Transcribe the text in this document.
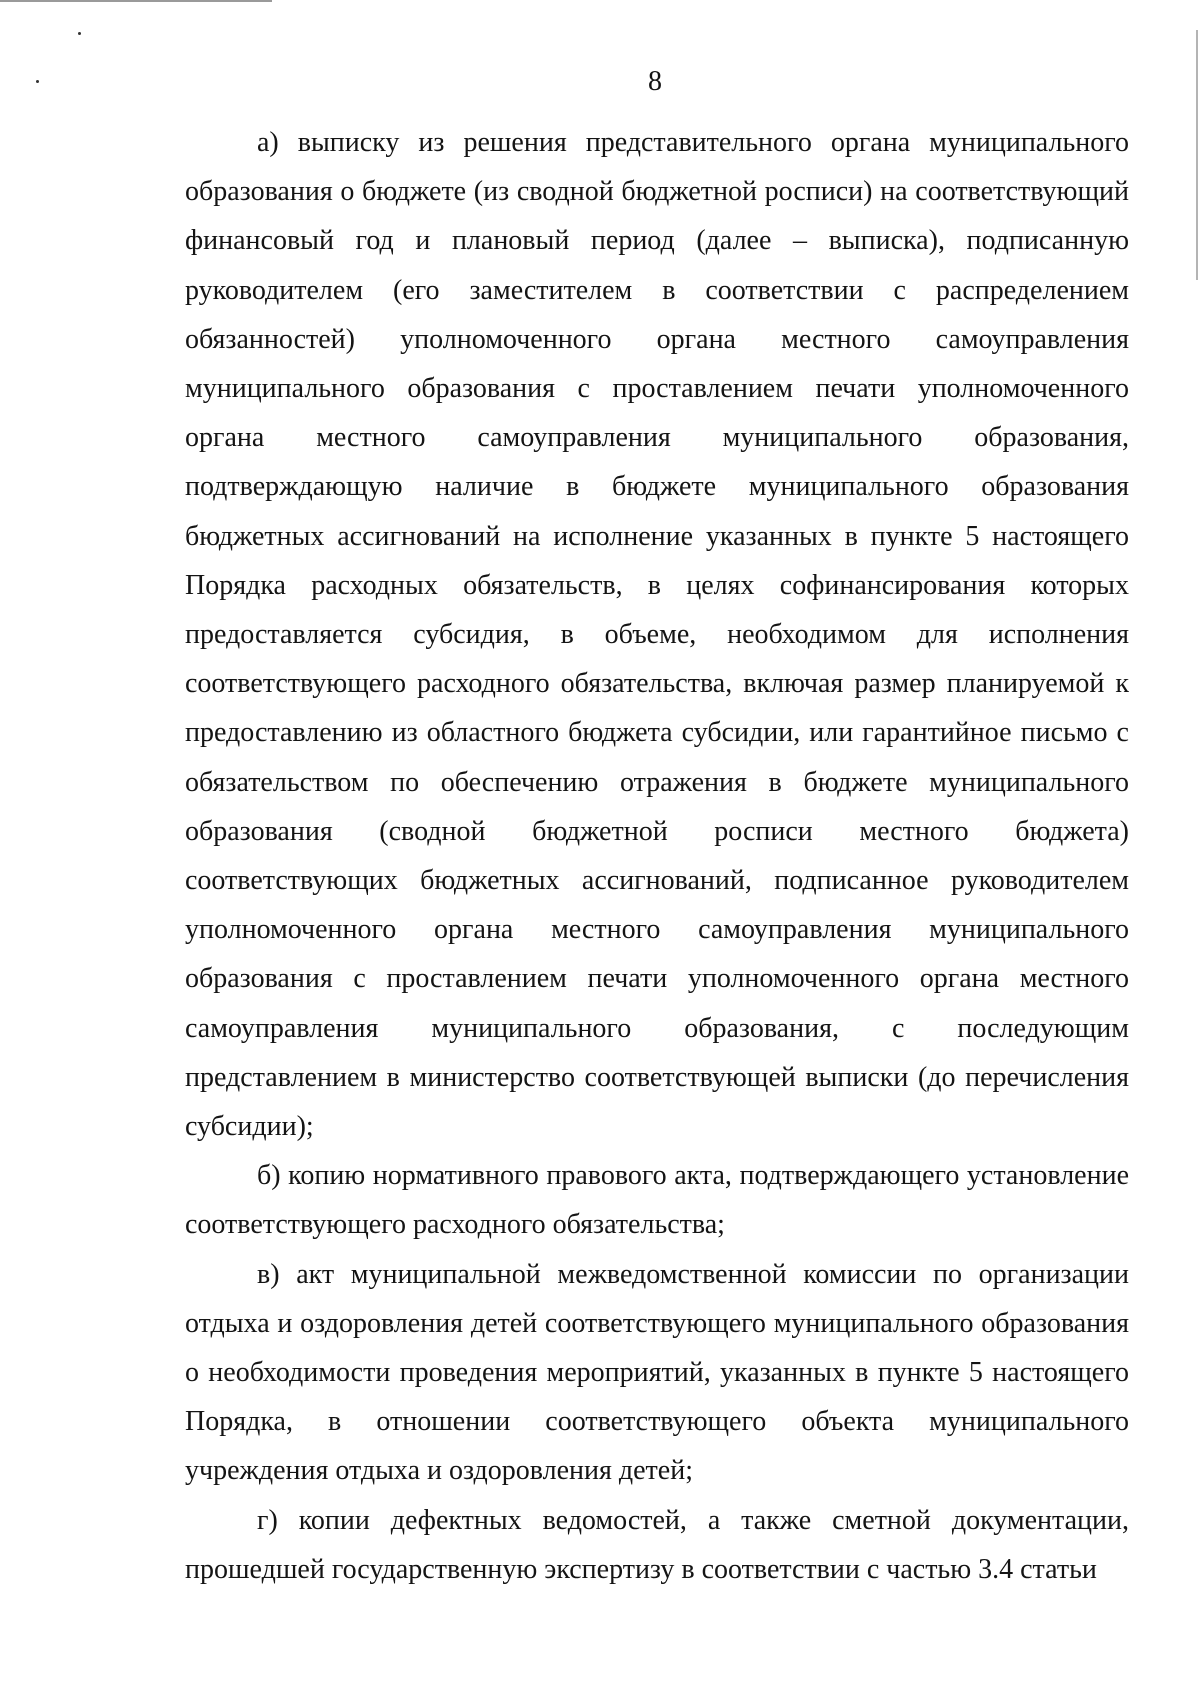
8

а) выписку из решения представительного органа муниципального образования о бюджете (из сводной бюджетной росписи) на соответствующий финансовый год и плановый период (далее – выписка), подписанную руководителем (его заместителем в соответствии с распределением обязанностей) уполномоченного органа местного самоуправления муниципального образования с проставлением печати уполномоченного органа местного самоуправления муниципального образования, подтверждающую наличие в бюджете муниципального образования бюджетных ассигнований на исполнение указанных в пункте 5 настоящего Порядка расходных обязательств, в целях софинансирования которых предоставляется субсидия, в объеме, необходимом для исполнения соответствующего расходного обязательства, включая размер планируемой к предоставлению из областного бюджета субсидии, или гарантийное письмо с обязательством по обеспечению отражения в бюджете муниципального образования (сводной бюджетной росписи местного бюджета) соответствующих бюджетных ассигнований, подписанное руководителем уполномоченного органа местного самоуправления муниципального образования с проставлением печати уполномоченного органа местного самоуправления муниципального образования, с последующим представлением в министерство соответствующей выписки (до перечисления субсидии);

б) копию нормативного правового акта, подтверждающего установление соответствующего расходного обязательства;

в) акт муниципальной межведомственной комиссии по организации отдыха и оздоровления детей соответствующего муниципального образования о необходимости проведения мероприятий, указанных в пункте 5 настоящего Порядка, в отношении соответствующего объекта муниципального учреждения отдыха и оздоровления детей;

г) копии дефектных ведомостей, а также сметной документации, прошедшей государственную экспертизу в соответствии с частью 3.4 статьи
